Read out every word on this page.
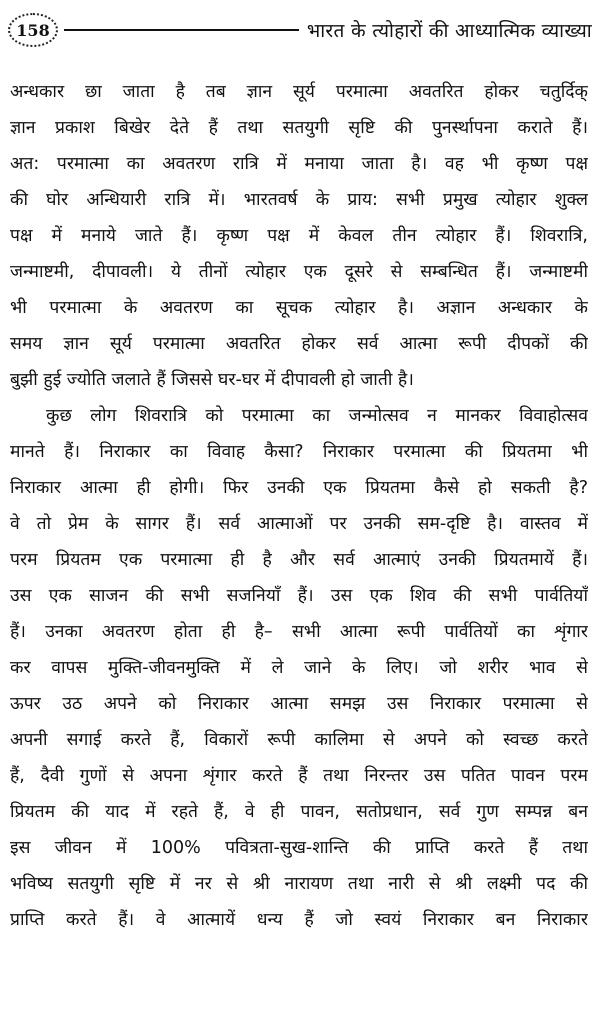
158	भारत के त्योहारों की आध्यात्मिक व्याख्या
अन्धकार छा जाता है तब ज्ञान सूर्य परमात्मा अवतरित होकर चतुर्दिक्
ज्ञान प्रकाश बिखेर देते हैं तथा सतयुगी सृष्टि की पुनर्स्थापना कराते हैं।
अत: परमात्मा का अवतरण रात्रि में मनाया जाता है। वह भी कृष्ण पक्ष
की घोर अन्धियारी रात्रि में। भारतवर्ष के प्राय: सभी प्रमुख त्योहार शुक्ल
पक्ष में मनाये जाते हैं। कृष्ण पक्ष में केवल तीन त्योहार हैं। शिवरात्रि,
जन्माष्टमी, दीपावली। ये तीनों त्योहार एक दूसरे से सम्बन्धित हैं। जन्माष्टमी
भी परमात्मा के अवतरण का सूचक त्योहार है। अज्ञान अन्धकार के
समय ज्ञान सूर्य परमात्मा अवतरित होकर सर्व आत्मा रूपी दीपकों की
बुझी हुई ज्योति जलाते हैं जिससे घर-घर में दीपावली हो जाती है।
कुछ लोग शिवरात्रि को परमात्मा का जन्मोत्सव न मानकर विवाहोत्सव
मानते हैं। निराकार का विवाह कैसा? निराकार परमात्मा की प्रियतमा भी
निराकार आत्मा ही होगी। फिर उनकी एक प्रियतमा कैसे हो सकती है?
वे तो प्रेम के सागर हैं। सर्व आत्माओं पर उनकी सम-दृष्टि है। वास्तव में
परम प्रियतम एक परमात्मा ही है और सर्व आत्माएं उनकी प्रियतमायें हैं।
उस एक साजन की सभी सजनियाँ हैं। उस एक शिव की सभी पार्वतियाँ
हैं। उनका अवतरण होता ही है– सभी आत्मा रूपी पार्वतियों का शृंगार
कर वापस मुक्ति-जीवनमुक्ति में ले जाने के लिए। जो शरीर भाव से
ऊपर उठ अपने को निराकार आत्मा समझ उस निराकार परमात्मा से
अपनी सगाई करते हैं, विकारों रूपी कालिमा से अपने को स्वच्छ करते
हैं, दैवी गुणों से अपना शृंगार करते हैं तथा निरन्तर उस पतित पावन परम
प्रियतम की याद में रहते हैं, वे ही पावन, सतोप्रधान, सर्व गुण सम्पन्न बन
इस जीवन में 100% पवित्रता-सुख-शान्ति की प्राप्ति करते हैं तथा
भविष्य सतयुगी सृष्टि में नर से श्री नारायण तथा नारी से श्री लक्ष्मी पद की
प्राप्ति करते हैं। वे आत्मायें धन्य हैं जो स्वयं निराकार बन निराकार
